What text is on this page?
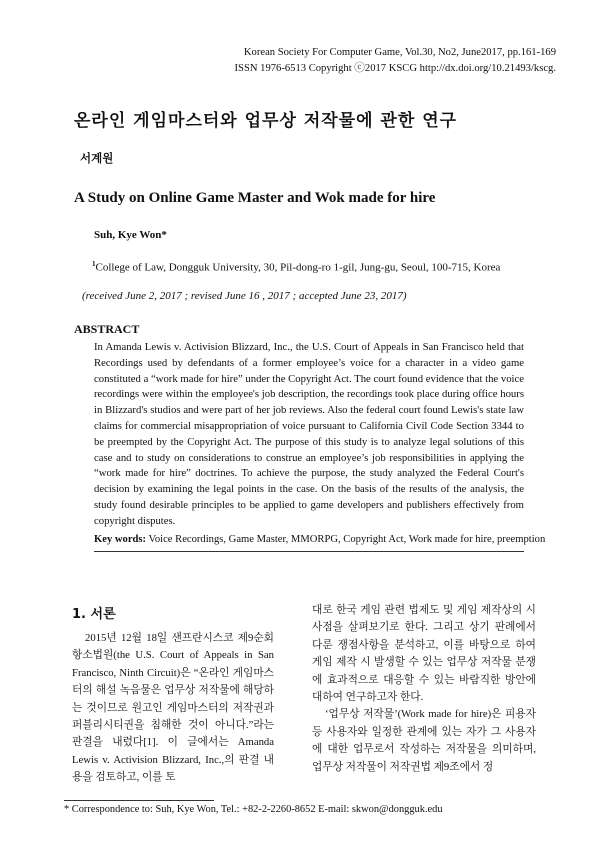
Korean Society For Computer Game, Vol.30, No2, June2017, pp.161-169
ISSN 1976-6513 Copyright ⓒ2017 KSCG http://dx.doi.org/10.21493/kscg.
온라인 게임마스터와 업무상 저작물에 관한 연구
서계원
A Study on Online Game Master and Wok made for hire
Suh, Kye Won*
$^1$College of Law, Dongguk University, 30, Pil-dong-ro 1-gil, Jung-gu, Seoul, 100-715, Korea
(received June 2, 2017 ; revised June 16 , 2017 ; accepted June 23, 2017)
ABSTRACT
In Amanda Lewis v. Activision Blizzard, Inc., the U.S. Court of Appeals in San Francisco held that Recordings used by defendants of a former employee’s voice for a character in a video game constituted a “work made for hire” under the Copyright Act. The court found evidence that the voice recordings were within the employee's job description, the recordings took place during office hours in Blizzard's studios and were part of her job reviews. Also the federal court found Lewis's state law claims for commercial misappropriation of voice pursuant to California Civil Code Section 3344 to be preempted by the Copyright Act. The purpose of this study is to analyze legal solutions of this case and to study on considerations to construe an employee’s job responsibilities in applying the “work made for hire” doctrines. To achieve the purpose, the study analyzed the Federal Court's decision by examining the legal points in the case. On the basis of the results of the analysis, the study found desirable principles to be applied to game developers and publishers effectively from copyright disputes.
Key words: Voice Recordings, Game Master, MMORPG, Copyright Act, Work made for hire, preemption
1. 서론

2015년 12월 18일 샌프란시스코 제9순회항소법원(the U.S. Court of Appeals in San Francisco, Ninth Circuit)은 “온라인 게임마스터의 해설 녹음물은 업무상 저작물에 해당하는 것이므로 원고인 게임마스터의 저작권과 퍼블리시티권을 침해한 것이 아니다.”라는 판결을 내렸다[1]. 이 글에서는 Amanda Lewis v. Activision Blizzard, Inc.,의 판결 내용을 검토하고, 이를 토

대로 한국 게임 관련 법제도 및 게임 제작상의 시사점을 살펴보기로 한다. 그리고 상기 판례에서 다룬 쟁점사항을 분석하고, 이를 바탕으로 하여 게임 제작 시 발생할 수 있는 업무상 저작물 분쟁에 효과적으로 대응할 수 있는 바람직한 방안에 대하여 연구하고자 한다.

‘업무상 저작물’(Work made for hire)은 피용자 등 사용자와 일정한 관계에 있는 자가 그 사용자에 대한 업무로서 작성하는 저작물을 의미하며, 업무상 저작물이 저작권법 제9조에서 정

* Correspondence to: Suh, Kye Won, Tel.: +82-2-2260-8652 E-mail: skwon@dongguk.edu
